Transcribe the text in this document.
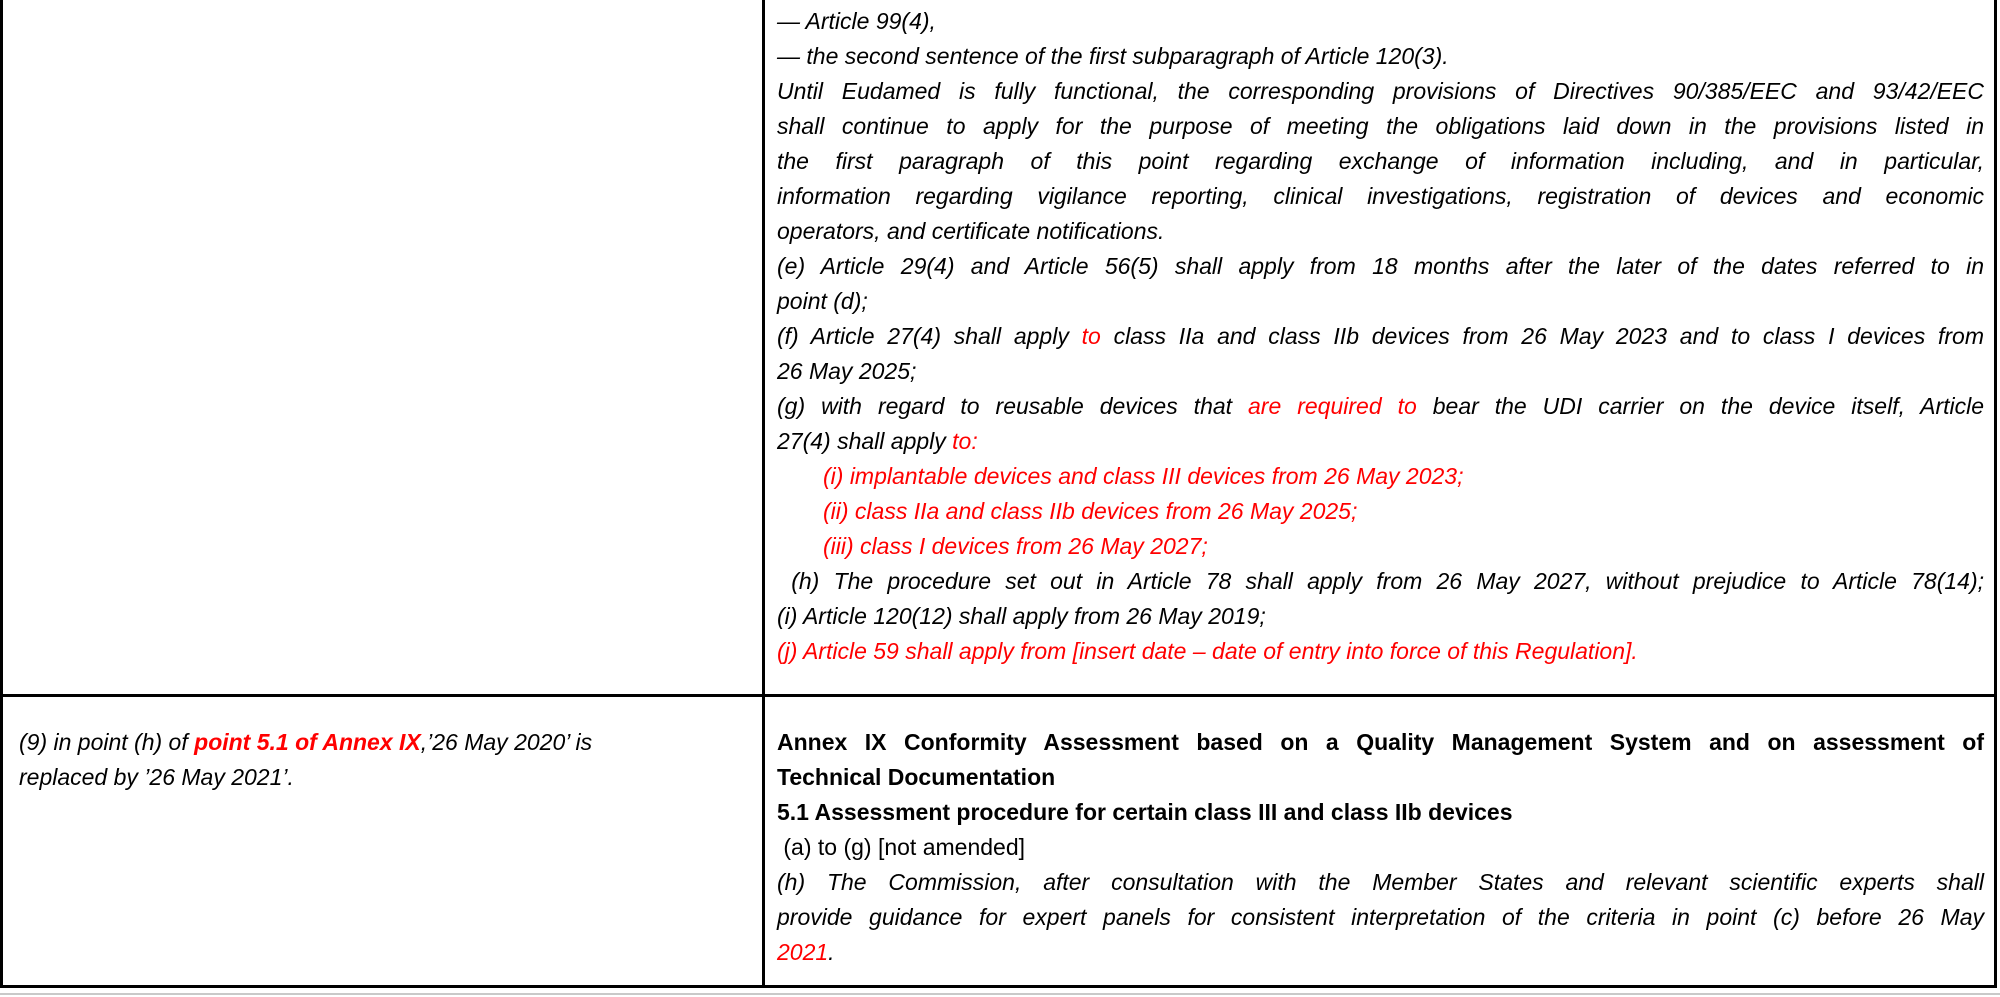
— Article 99(4),
— the second sentence of the first subparagraph of Article 120(3).
Until Eudamed is fully functional, the corresponding provisions of Directives 90/385/EEC and 93/42/EEC
shall continue to apply for the purpose of meeting the obligations laid down in the provisions listed in
the first paragraph of this point regarding exchange of information including, and in particular,
information regarding vigilance reporting, clinical investigations, registration of devices and economic
operators, and certificate notifications.
(e) Article 29(4) and Article 56(5) shall apply from 18 months after the later of the dates referred to in
point (d);
(f) Article 27(4) shall apply to class IIa and class IIb devices from 26 May 2023 and to class I devices from
26 May 2025;
(g) with regard to reusable devices that are required to bear the UDI carrier on the device itself, Article
27(4) shall apply to:
(i) implantable devices and class III devices from 26 May 2023;
(ii) class IIa and class IIb devices from 26 May 2025;
(iii) class I devices from 26 May 2027;
(h) The procedure set out in Article 78 shall apply from 26 May 2027, without prejudice to Article 78(14);
(i) Article 120(12) shall apply from 26 May 2019;
(j) Article 59 shall apply from [insert date – date of entry into force of this Regulation].
(9) in point (h) of point 5.1 of Annex IX,’26 May 2020’ is
replaced by ’26 May 2021’.
Annex IX Conformity Assessment based on a Quality Management System and on assessment of
Technical Documentation
5.1 Assessment procedure for certain class III and class IIb devices
(a) to (g) [not amended]
(h) The Commission, after consultation with the Member States and relevant scientific experts shall
provide guidance for expert panels for consistent interpretation of the criteria in point (c) before 26 May
2021.
